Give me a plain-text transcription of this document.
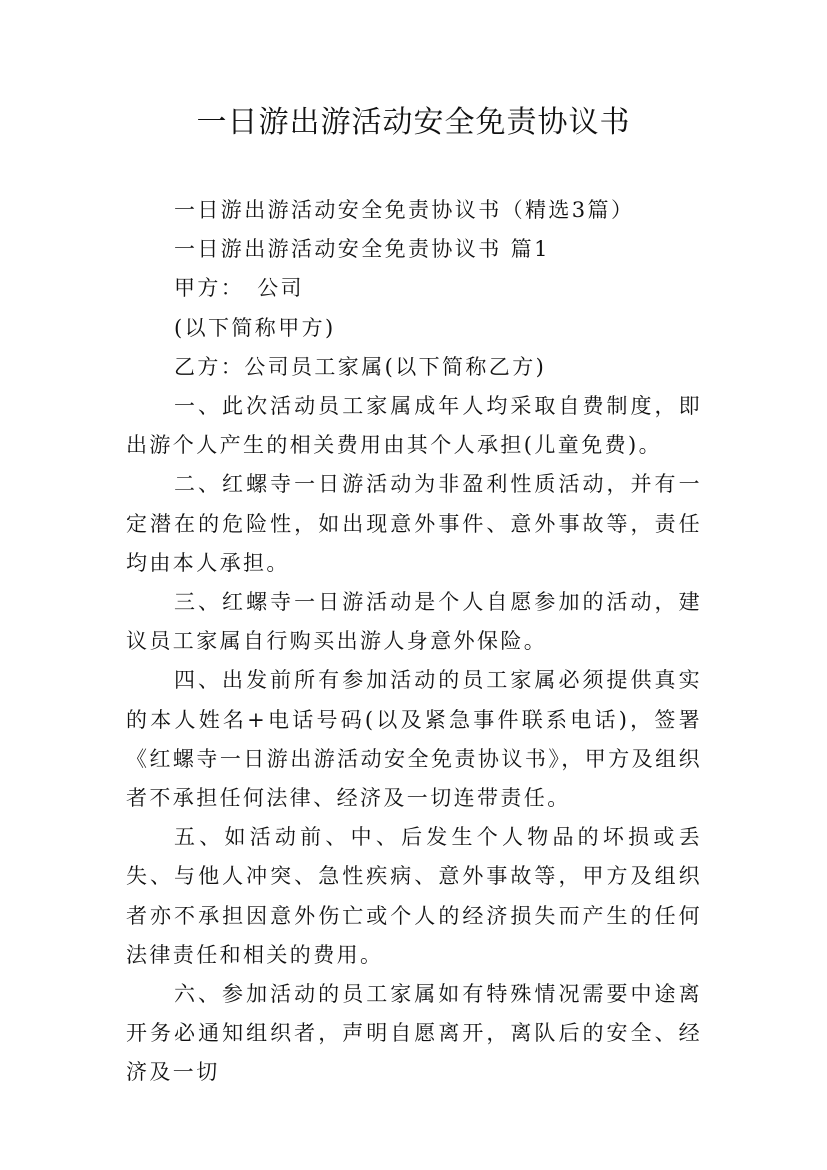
一日游出游活动安全免责协议书

一日游出游活动安全免责协议书（精选3篇）

一日游出游活动安全免责协议书 篇1

甲方：　公司

(以下简称甲方)

乙方：公司员工家属(以下简称乙方)

一、此次活动员工家属成年人均采取自费制度，即出游个人产生的相关费用由其个人承担(儿童免费)。

二、红螺寺一日游活动为非盈利性质活动，并有一定潜在的危险性，如出现意外事件、意外事故等，责任均由本人承担。

三、红螺寺一日游活动是个人自愿参加的活动，建议员工家属自行购买出游人身意外保险。

四、出发前所有参加活动的员工家属必须提供真实的本人姓名+电话号码(以及紧急事件联系电话)，签署《红螺寺一日游出游活动安全免责协议书》，甲方及组织者不承担任何法律、经济及一切连带责任。

五、如活动前、中、后发生个人物品的坏损或丢失、与他人冲突、急性疾病、意外事故等，甲方及组织者亦不承担因意外伤亡或个人的经济损失而产生的任何法律责任和相关的费用。

六、参加活动的员工家属如有特殊情况需要中途离开务必通知组织者，声明自愿离开，离队后的安全、经济及一切
